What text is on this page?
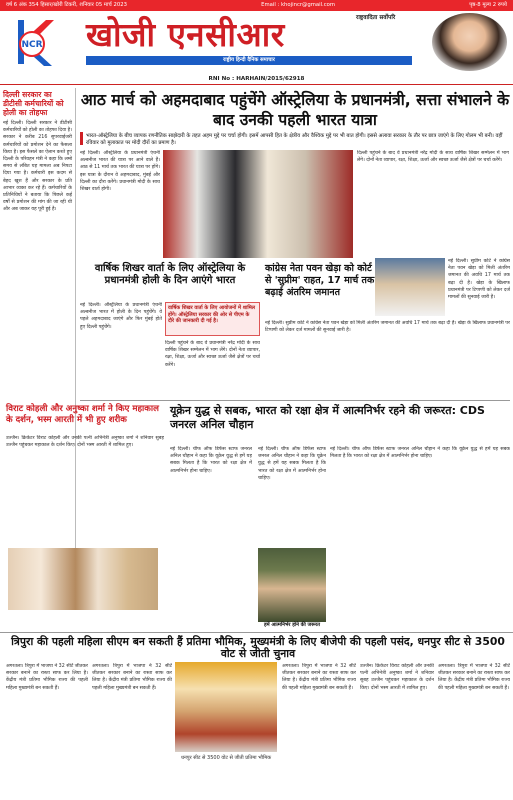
वर्ष 6 अंक 354 हिसार/खोरी टिकरी, शनिवार 05 मार्च 2023	Email : khojincr@gmail.com	पृष्ठ-8 मूल्य 2 रुपये
NCR खोजी एनसीआर	राष्ट्रवादिता सर्वोपरि
राष्ट्रीय हिन्दी दैनिक समाचार
RNI No : HARHAIN/2015/62918
दिल्ली सरकार का डीटीसी कर्मचारियों को होली का तोहफा
नई दिल्ली। दिल्ली सरकार ने डीटीसी कर्मचारियों को होली का तोहफा दिया है। सरकार ने करीब 216 सुपरवाईजरी कर्मचारियों को प्रमोशन देने का फैसला किया है। इस फैसले का ऐलान करते हुए दिल्ली के परिवहन मंत्री ने कहा कि लम्बे समय से लंबित यह मामला अब निपटा दिया गया है। कर्मचारी इस कदम से बेहद खुश हैं और सरकार के प्रति आभार व्यक्त कर रहे हैं। कर्मचारियों के प्रतिनिधियों ने बताया कि पिछले कई वर्षों से प्रमोशन की मांग की जा रही थी और अब जाकर यह पूरी हुई है।
आठ मार्च को अहमदाबाद पहुंचेंगे ऑस्ट्रेलिया के प्रधानमंत्री, सत्ता संभालने के बाद उनकी पहली भारत यात्रा
भारत-ऑस्ट्रेलिया के बीच व्यापक रणनीतिक साझेदारी के तहत अहम मुद्दे पर चर्चा होगी। इसमें आपसी हित के क्षेत्रीय और वैश्विक मुद्दे पर भी बात होगी। इससे अलावा सरकार के तौर पर छात्र जाएंगे के लिए गोलम भी बनी। वहीं रविवार को मुलाकात पर मोदी दौरों का प्रमाण है।
नई दिल्ली। ऑस्ट्रेलिया के प्रधानमंत्री एंथनी अल्बनीज भारत की यात्रा पर आने वाले हैं। आठ से 11 मार्च तक भारत की यात्रा पर होंगे। इस यात्रा के दौरान वे अहमदाबाद, मुंबई और दिल्ली का दौरा करेंगे। प्रधानमंत्री मोदी के साथ शिखर वार्ता होगी।
दिल्ली पहुंचने के बाद वे प्रधानमंत्री नरेंद्र मोदी के साथ वार्षिक शिखर सम्मेलन में भाग लेंगे। दोनों नेता व्यापार, रक्षा, शिक्षा, ऊर्जा और स्वच्छ ऊर्जा जैसे क्षेत्रों पर चर्चा करेंगे।
वार्षिक शिखर वार्ता के लिए ऑस्ट्रेलिया के प्रधानमंत्री होली के दिन आएंगे भारत
वार्षिक शिखर वार्ता के लिए आयोजनों में शामिल होंगे। ऑस्ट्रेलिया सरकार की ओर से पीएम के दौरे की जानकारी दी गई है।
नई दिल्ली। ऑस्ट्रेलिया के प्रधानमंत्री एंथनी अल्बनीज भारत में होली के दिन पहुंचेंगे। वे पहले अहमदाबाद जाएंगे और फिर मुंबई होते हुए दिल्ली पहुंचेंगे।
दिल्ली पहुंचने के बाद वे प्रधानमंत्री नरेंद्र मोदी के साथ वार्षिक शिखर सम्मेलन में भाग लेंगे। दोनों नेता व्यापार, रक्षा, शिक्षा, ऊर्जा और स्वच्छ ऊर्जा जैसे क्षेत्रों पर चर्चा करेंगे।
कांग्रेस नेता पवन खेड़ा को कोर्ट से 'सुप्रीम' राहत, 17 मार्च तक बढ़ाई अंतरिम जमानत
नई दिल्ली। सुप्रीम कोर्ट ने कांग्रेस नेता पवन खेड़ा को मिली अंतरिम जमानत की अवधि 17 मार्च तक बढ़ा दी है। खेड़ा के खिलाफ प्रधानमंत्री पर टिप्पणी को लेकर दर्ज मामलों की सुनवाई जारी है।
नई दिल्ली। सुप्रीम कोर्ट ने कांग्रेस नेता पवन खेड़ा को मिली अंतरिम जमानत की अवधि 17 मार्च तक बढ़ा दी है। खेड़ा के खिलाफ प्रधानमंत्री पर टिप्पणी को लेकर दर्ज मामलों की सुनवाई जारी है।
विराट कोहली और अनुष्का शर्मा ने किए महाकाल के दर्शन, भस्म आरती में भी हुए शरीक
उज्जैन। क्रिकेटर विराट कोहली और उनकी पत्नी अभिनेत्री अनुष्का शर्मा ने शनिवार सुबह उज्जैन पहुंचकर महाकाल के दर्शन किए। दोनों भस्म आरती में शामिल हुए।
यूक्रेन युद्ध से सबक, भारत को रक्षा क्षेत्र में आत्मनिर्भर रहने की जरूरत: CDS जनरल अनिल चौहान
नई दिल्ली। चीफ ऑफ डिफेंस स्टाफ जनरल अनिल चौहान ने कहा कि यूक्रेन युद्ध से हमें यह सबक मिलता है कि भारत को रक्षा क्षेत्र में आत्मनिर्भर होना चाहिए।
नई दिल्ली। चीफ ऑफ डिफेंस स्टाफ जनरल अनिल चौहान ने कहा कि यूक्रेन युद्ध से हमें यह सबक मिलता है कि भारत को रक्षा क्षेत्र में आत्मनिर्भर होना चाहिए।
हमें आत्मनिर्भर होने की जरूरत
नई दिल्ली। चीफ ऑफ डिफेंस स्टाफ जनरल अनिल चौहान ने कहा कि यूक्रेन युद्ध से हमें यह सबक मिलता है कि भारत को रक्षा क्षेत्र में आत्मनिर्भर होना चाहिए।
त्रिपुरा की पहली महिला सीएम बन सकती हैं प्रतिमा भौमिक, मुख्यमंत्री के लिए बीजेपी की पहली पसंद, धनपुर सीट से 3500 वोट से जीती चुनाव
अगरतला। त्रिपुरा में भाजपा ने 32 सीटें जीतकर सरकार बनाने का रास्ता साफ कर लिया है। केंद्रीय मंत्री प्रतिमा भौमिक राज्य की पहली महिला मुख्यमंत्री बन सकती हैं।
अगरतला। त्रिपुरा में भाजपा ने 32 सीटें जीतकर सरकार बनाने का रास्ता साफ कर लिया है। केंद्रीय मंत्री प्रतिमा भौमिक राज्य की पहली महिला मुख्यमंत्री बन सकती हैं।
धनपुर सीट से 3500 वोट से जीती प्रतिमा भौमिक
अगरतला। त्रिपुरा में भाजपा ने 32 सीटें जीतकर सरकार बनाने का रास्ता साफ कर लिया है। केंद्रीय मंत्री प्रतिमा भौमिक राज्य की पहली महिला मुख्यमंत्री बन सकती हैं।
उज्जैन। क्रिकेटर विराट कोहली और उनकी पत्नी अभिनेत्री अनुष्का शर्मा ने शनिवार सुबह उज्जैन पहुंचकर महाकाल के दर्शन किए। दोनों भस्म आरती में शामिल हुए।
अगरतला। त्रिपुरा में भाजपा ने 32 सीटें जीतकर सरकार बनाने का रास्ता साफ कर लिया है। केंद्रीय मंत्री प्रतिमा भौमिक राज्य की पहली महिला मुख्यमंत्री बन सकती हैं।
